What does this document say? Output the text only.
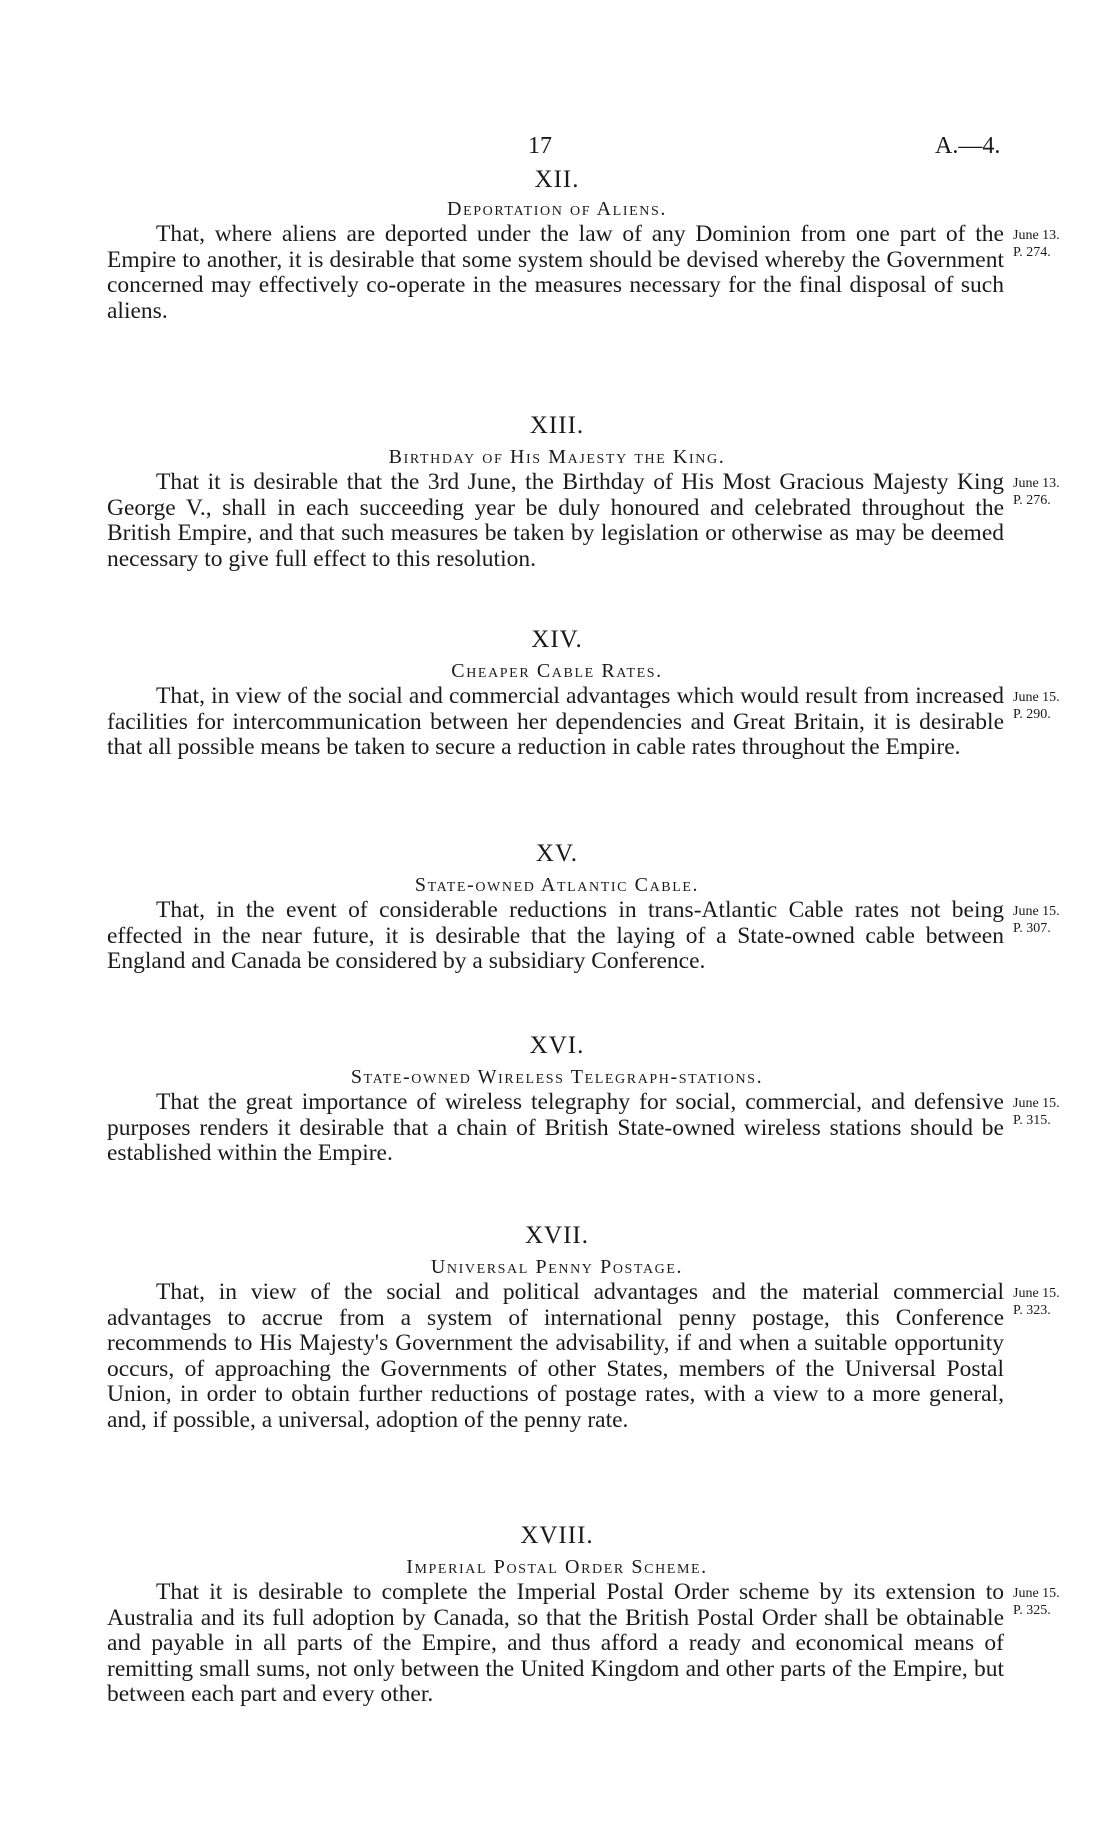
17	A.—4.
XII.
Deportation of Aliens.

That, where aliens are deported under the law of any Dominion from one part of the Empire to another, it is desirable that some system should be devised whereby the Government concerned may effectively co-operate in the measures necessary for the final disposal of such aliens.

June 13.
P. 274.
XIII.
Birthday of His Majesty the King.

That it is desirable that the 3rd June, the Birthday of His Most Gracious Majesty King George V., shall in each succeeding year be duly honoured and celebrated throughout the British Empire, and that such measures be taken by legislation or otherwise as may be deemed necessary to give full effect to this resolution.

June 13.
P. 276.
XIV.
Cheaper Cable Rates.

That, in view of the social and commercial advantages which would result from increased facilities for intercommunication between her dependencies and Great Britain, it is desirable that all possible means be taken to secure a reduction in cable rates throughout the Empire.

June 15.
P. 290.
XV.
State-owned Atlantic Cable.

That, in the event of considerable reductions in trans-Atlantic Cable rates not being effected in the near future, it is desirable that the laying of a State-owned cable between England and Canada be considered by a subsidiary Conference.

June 15.
P. 307.
XVI.
State-owned Wireless Telegraph-stations.

That the great importance of wireless telegraphy for social, commercial, and defensive purposes renders it desirable that a chain of British State-owned wireless stations should be established within the Empire.

June 15.
P. 315.
XVII.
Universal Penny Postage.

That, in view of the social and political advantages and the material commercial advantages to accrue from a system of international penny postage, this Conference recommends to His Majesty's Government the advisability, if and when a suitable opportunity occurs, of approaching the Governments of other States, members of the Universal Postal Union, in order to obtain further reductions of postage rates, with a view to a more general, and, if possible, a universal, adoption of the penny rate.

June 15.
P. 323.
XVIII.
Imperial Postal Order Scheme.

That it is desirable to complete the Imperial Postal Order scheme by its extension to Australia and its full adoption by Canada, so that the British Postal Order shall be obtainable and payable in all parts of the Empire, and thus afford a ready and economical means of remitting small sums, not only between the United Kingdom and other parts of the Empire, but between each part and every other.

June 15.
P. 325.
